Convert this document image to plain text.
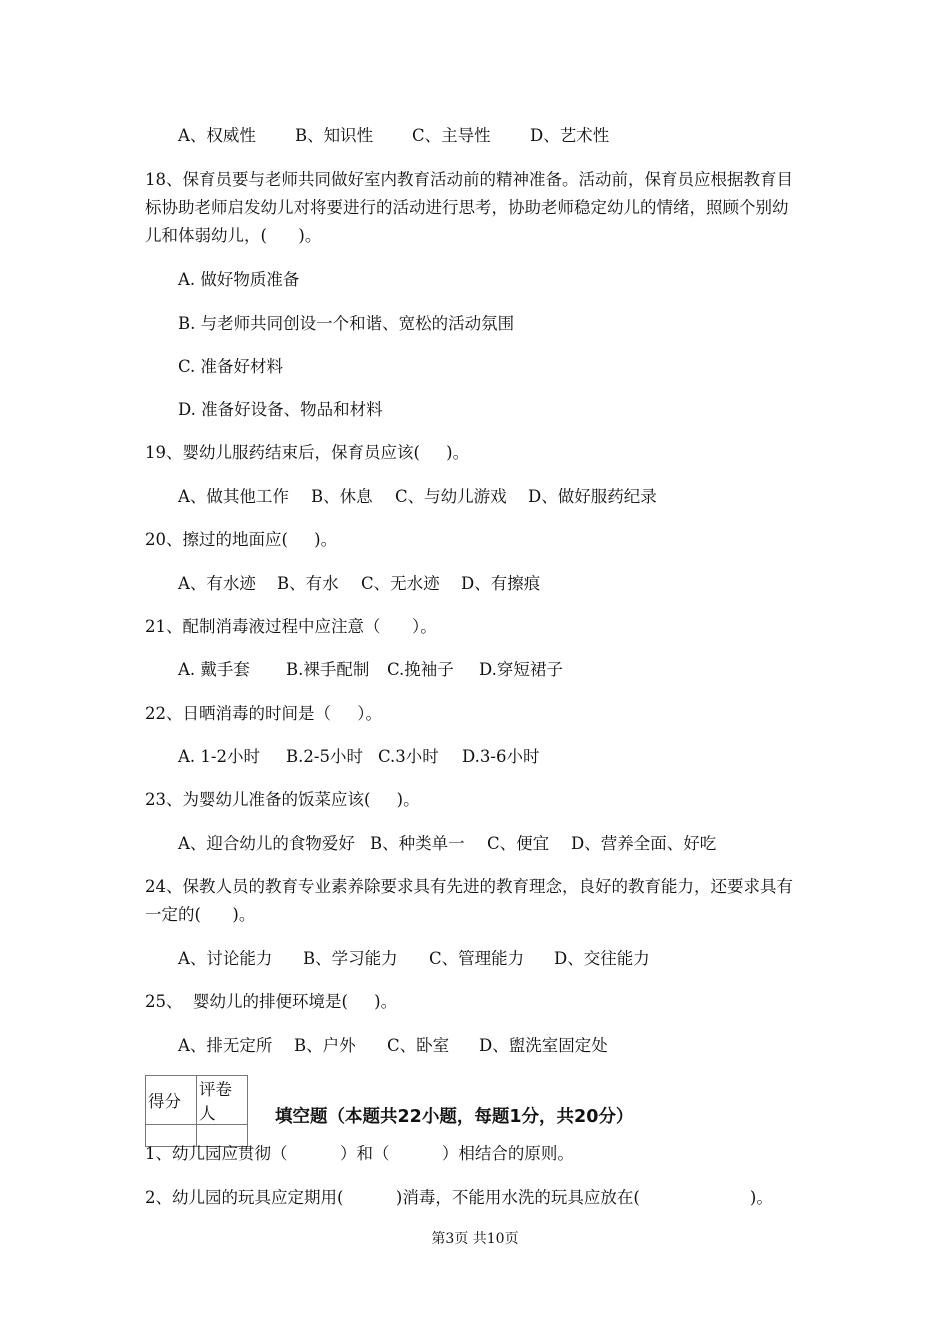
A、权威性 B、知识性 C、主导性 D、艺术性
18、保育员要与老师共同做好室内教育活动前的精神准备。活动前，保育员应根据教育目
标协助老师启发幼儿对将要进行的活动进行思考，协助老师稳定幼儿的情绪，照顾个别幼
儿和体弱幼儿，(      )。
A. 做好物质准备
B. 与老师共同创设一个和谐、宽松的活动氛围
C. 准备好材料
D. 准备好设备、物品和材料
19、婴幼儿服药结束后，保育员应该(     )。
A、做其他工作 B、休息 C、与幼儿游戏 D、做好服药纪录
20、擦过的地面应(     )。
A、有水迹 B、有水 C、无水迹 D、有擦痕
21、配制消毒液过程中应注意（      ）。
A. 戴手套 B.裸手配制 C.挽袖子 D.穿短裙子
22、日晒消毒的时间是（     ）。
A. 1-2小时 B.2-5小时 C.3小时 D.3-6小时
23、为婴幼儿准备的饭菜应该(     )。
A、迎合幼儿的食物爱好 B、种类单一 C、便宜 D、营养全面、好吃
24、保教人员的教育专业素养除要求具有先进的教育理念，良好的教育能力，还要求具有
一定的(      )。
A、讨论能力 B、学习能力 C、管理能力 D、交往能力
25、  婴幼儿的排便环境是(     )。
A、排无定所 B、户外 C、卧室 D、盥洗室固定处
得分	评卷人
		填空题（本题共22小题，每题1分，共20分）
1、幼儿园应贯彻（          ）和（          ）相结合的原则。
2、幼儿园的玩具应定期用(          )消毒，不能用水洗的玩具应放在(                     )。
第3页 共10页
